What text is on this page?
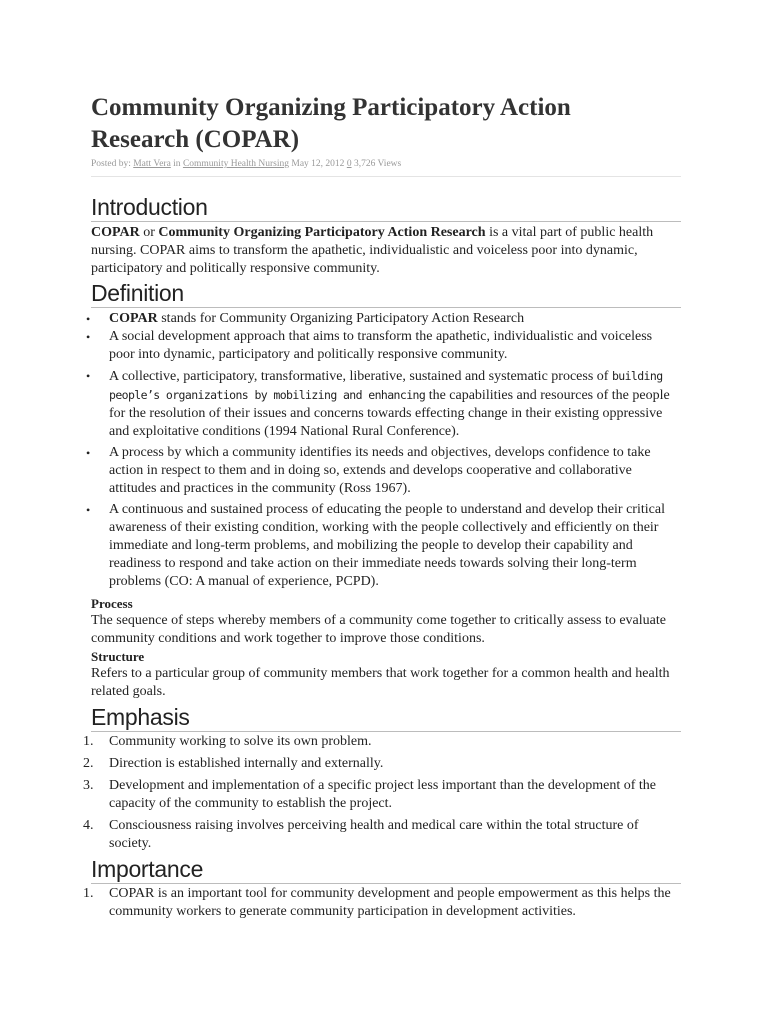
Community Organizing Participatory Action
Research (COPAR)
Posted by: Matt Vera in Community Health Nursing May 12, 2012 0 3,726 Views
Introduction

COPAR or Community Organizing Participatory Action Research is a vital part of public health nursing. COPAR aims to transform the apathetic, individualistic and voiceless poor into dynamic, participatory and politically responsive community.

Definition
• COPAR stands for Community Organizing Participatory Action Research
• A social development approach that aims to transform the apathetic, individualistic and voiceless poor into dynamic, participatory and politically responsive community.
• A collective, participatory, transformative, liberative, sustained and systematic process of building people’s organizations by mobilizing and enhancing the capabilities and resources of the people for the resolution of their issues and concerns towards effecting change in their existing oppressive and exploitative conditions (1994 National Rural Conference).
• A process by which a community identifies its needs and objectives, develops confidence to take action in respect to them and in doing so, extends and develops cooperative and collaborative attitudes and practices in the community (Ross 1967).
• A continuous and sustained process of educating the people to understand and develop their critical awareness of their existing condition, working with the people collectively and efficiently on their immediate and long-term problems, and mobilizing the people to develop their capability and readiness to respond and take action on their immediate needs towards solving their long-term problems (CO: A manual of experience, PCPD).
Process

The sequence of steps whereby members of a community come together to critically assess to evaluate community conditions and work together to improve those conditions.

Structure

Refers to a particular group of community members that work together for a common health and health related goals.

Emphasis
1. Community working to solve its own problem.
2. Direction is established internally and externally.
3. Development and implementation of a specific project less important than the development of the capacity of the community to establish the project.
4. Consciousness raising involves perceiving health and medical care within the total structure of society.
Importance
1. COPAR is an important tool for community development and people empowerment as this helps the community workers to generate community participation in development activities.
